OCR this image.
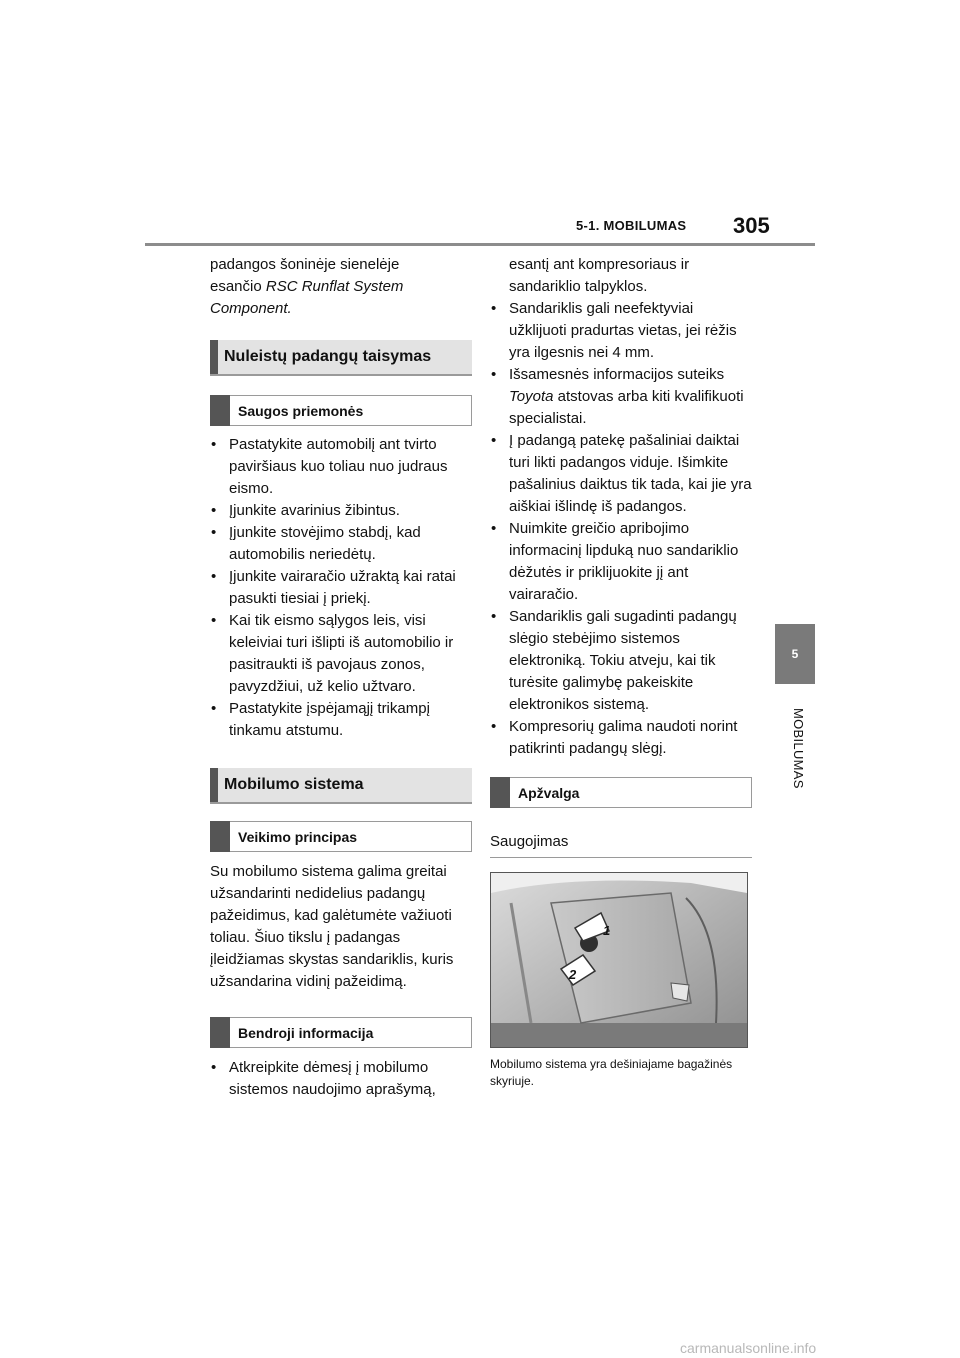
5-1. MOBILUMAS 305
5
MOBILUMAS

padangos šoninėje sienelėje
esančio RSC Runflat System
Component.

Nuleistų padangų taisymas
Saugos priemonės
• Pastatykite automobilį ant tvirto paviršiaus kuo toliau nuo judraus eismo.
• Įjunkite avarinius žibintus.
• Įjunkite stovėjimo stabdį, kad automobilis neriedėtų.
• Įjunkite vairaračio užraktą kai ratai pasukti tiesiai į priekį.
• Kai tik eismo sąlygos leis, visi keleiviai turi išlipti iš automobilio ir pasitraukti iš pavojaus zonos, pavyzdžiui, už kelio užtvaro.
• Pastatykite įspėjamąjį trikampį tinkamu atstumu.
Mobilumo sistema
Veikimo principas

Su mobilumo sistema galima greitai užsandarinti nedidelius padangų pažeidimus, kad galėtumėte važiuoti toliau. Šiuo tikslu į padangas įleidžiamas skystas sandariklis, kuris užsandarina vidinį pažeidimą.

Bendroji informacija
• Atkreipkite dėmesį į mobilumo sistemos naudojimo aprašymą,

esantį ant kompresoriaus ir sandariklio talpyklos.

• Sandariklis gali neefektyviai užklijuoti pradurtas vietas, jei rėžis yra ilgesnis nei 4 mm.
• Išsamesnės informacijos suteiks Toyota atstovas arba kiti kvalifikuoti specialistai.
• Į padangą patekę pašaliniai daiktai turi likti padangos viduje. Išimkite pašalinius daiktus tik tada, kai jie yra aiškiai išlindę iš padangos.
• Nuimkite greičio apribojimo informacinį lipduką nuo sandariklio dėžutės ir priklijuokite jį ant vairaračio.
• Sandariklis gali sugadinti padangų slėgio stebėjimo sistemos elektroniką. Tokiu atveju, kai tik turėsite galimybę pakeiskite elektronikos sistemą.
• Kompresorių galima naudoti norint patikrinti padangų slėgį.
Apžvalga
Saugojimas
1
2

Mobilumo sistema yra dešiniajame bagažinės skyriuje.

carmanualsonline.info
